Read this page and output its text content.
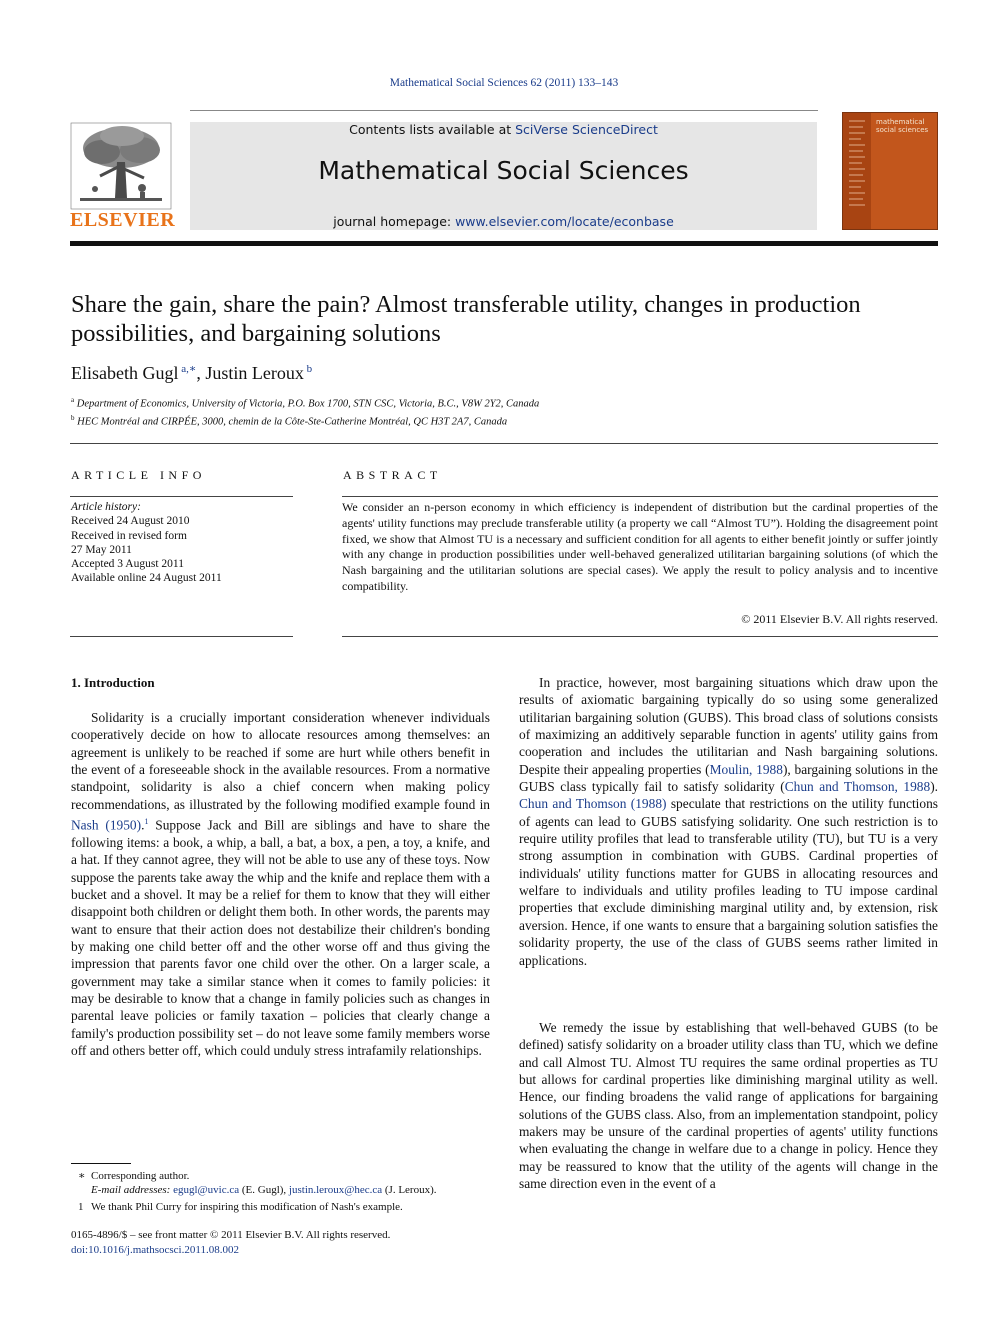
Mathematical Social Sciences 62 (2011) 133–143
ELSEVIER
Contents lists available at SciVerse ScienceDirect
Mathematical Social Sciences
journal homepage: www.elsevier.com/locate/econbase
mathematical social sciences
Share the gain, share the pain? Almost transferable utility, changes in production possibilities, and bargaining solutions
Elisabeth Gugl $^{a,∗}$, Justin Leroux $^b$
$^a$ Department of Economics, University of Victoria, P.O. Box 1700, STN CSC, Victoria, B.C., V8W 2Y2, Canada
$^b$ HEC Montréal and CIRPÉE, 3000, chemin de la Côte-Ste-Catherine Montréal, QC H3T 2A7, Canada
ARTICLE INFO	ABSTRACT
Article history:
Received 24 August 2010
Received in revised form
27 May 2011
Accepted 3 August 2011
Available online 24 August 2011
We consider an n-person economy in which efficiency is independent of distribution but the cardinal properties of the agents' utility functions may preclude transferable utility (a property we call “Almost TU”). Holding the disagreement point fixed, we show that Almost TU is a necessary and sufficient condition for all agents to either benefit jointly or suffer jointly with any change in production possibilities under well-behaved generalized utilitarian bargaining solutions (of which the Nash bargaining and the utilitarian solutions are special cases). We apply the result to policy analysis and to incentive compatibility.
© 2011 Elsevier B.V. All rights reserved.
1. Introduction
Solidarity is a crucially important consideration whenever individuals cooperatively decide on how to allocate resources among themselves: an agreement is unlikely to be reached if some are hurt while others benefit in the event of a foreseeable shock in the available resources. From a normative standpoint, solidarity is also a chief concern when making policy recommendations, as illustrated by the following modified example found in Nash (1950).$^1$ Suppose Jack and Bill are siblings and have to share the following items: a book, a whip, a ball, a bat, a box, a pen, a toy, a knife, and a hat. If they cannot agree, they will not be able to use any of these toys. Now suppose the parents take away the whip and the knife and replace them with a bucket and a shovel. It may be a relief for them to know that they will either disappoint both children or delight them both. In other words, the parents may want to ensure that their action does not destabilize their children's bonding by making one child better off and the other worse off and thus giving the impression that parents favor one child over the other. On a larger scale, a government may take a similar stance when it comes to family policies: it may be desirable to know that a change in family policies such as changes in parental leave policies or family taxation – policies that clearly change a family's production possibility set – do not leave some family members worse off and others better off, which could unduly stress intrafamily relationships.
In practice, however, most bargaining situations which draw upon the results of axiomatic bargaining typically do so using some generalized utilitarian bargaining solution (GUBS). This broad class of solutions consists of maximizing an additively separable function in agents' utility gains from cooperation and includes the utilitarian and Nash bargaining solutions. Despite their appealing properties (Moulin, 1988), bargaining solutions in the GUBS class typically fail to satisfy solidarity (Chun and Thomson, 1988). Chun and Thomson (1988) speculate that restrictions on the utility functions of agents can lead to GUBS satisfying solidarity. One such restriction is to require utility profiles that lead to transferable utility (TU), but TU is a very strong assumption in combination with GUBS. Cardinal properties of individuals' utility functions matter for GUBS in allocating resources and welfare to individuals and utility profiles leading to TU impose cardinal properties that exclude diminishing marginal utility and, by extension, risk aversion. Hence, if one wants to ensure that a bargaining solution satisfies the solidarity property, the use of the class of GUBS seems rather limited in applications.
We remedy the issue by establishing that well-behaved GUBS (to be defined) satisfy solidarity on a broader utility class than TU, which we define and call Almost TU. Almost TU requires the same ordinal properties as TU but allows for cardinal properties like diminishing marginal utility as well. Hence, our finding broadens the valid range of applications for bargaining solutions of the GUBS class. Also, from an implementation standpoint, policy makers may be unsure of the cardinal properties of agents' utility functions when evaluating the change in welfare due to a change in policy. Hence they may be reassured to know that the utility of the agents will change in the same direction even in the event of a
∗ Corresponding author.
E-mail addresses: egugl@uvic.ca (E. Gugl), justin.leroux@hec.ca (J. Leroux).
1 We thank Phil Curry for inspiring this modification of Nash's example.
0165-4896/$ – see front matter © 2011 Elsevier B.V. All rights reserved.
doi:10.1016/j.mathsocsci.2011.08.002
